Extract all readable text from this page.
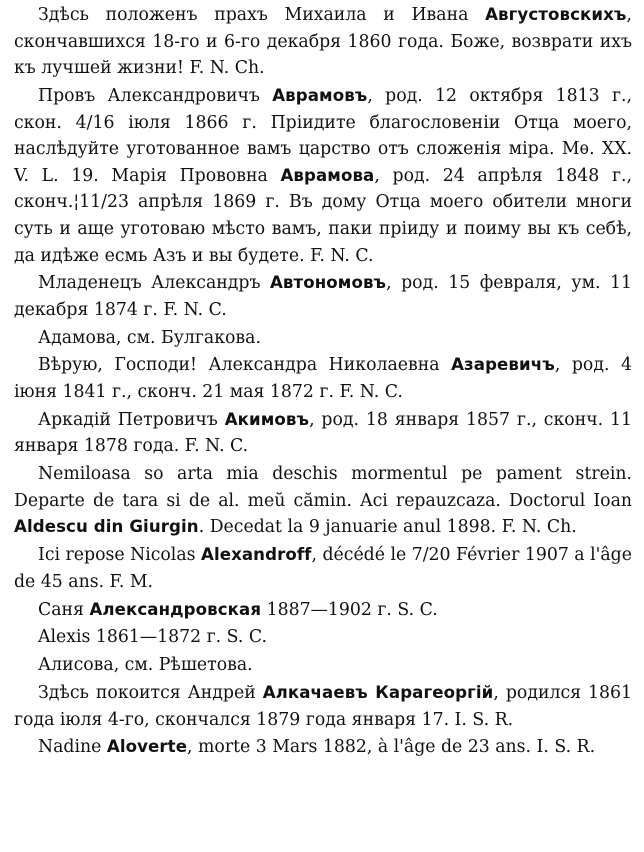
Здѣсь положенъ прахъ Михаила и Ивана Августовскихъ, скончавшихся 18-го и 6-го декабря 1860 года. Боже, возврати ихъ къ лучшей жизни! F. N. Ch.

Провъ Александровичъ Аврамовъ, род. 12 октября 1813 г., скон. 4/16 іюля 1866 г. Пріидите благословеніи Отца моего, наслѣдуйте уготованное вамъ царство отъ сложенія міра. Мѳ. XX. V. L. 19. Марія Прововна Аврамова, род. 24 апрѣля 1848 г., сконч.¦11/23 апрѣля 1869 г. Въ дому Отца моего обители многи суть и аще уготоваю мѣсто вамъ, паки пріиду и поиму вы къ себѣ, да идѣже есмь Азъ и вы будете. F. N. C.

Младенецъ Александръ Автономовъ, род. 15 февраля, ум. 11 декабря 1874 г. F. N. C.

Адамова, см. Булгакова.

Вѣрую, Господи! Александра Николаевна Азаревичъ, род. 4 іюня 1841 г., сконч. 21 мая 1872 г. F. N. C.

Аркадій Петровичъ Акимовъ, род. 18 января 1857 г., сконч. 11 января 1878 года. F. N. C.

Nemiloasa so arta mia deschis mormentul pe pament strein. Departe de tara si de al. meŭ cămin. Aci repauzcaza. Doctorul Ioan Aldescu din Giurgin. Decedat la 9 januarie anul 1898. F. N. Ch.

Ici repose Nicolas Alexandroff, décédé le 7/20 Février 1907 a l'âge de 45 ans. F. M.

Саня Александровская 1887—1902 г. S. C.

Alexis 1861—1872 г. S. C.

Алисова, см. Рѣшетова.

Здѣсь покоится Андрей Алкачаевъ Карагеоргій, родился 1861 года іюля 4-го, скончался 1879 года января 17. I. S. R.

Nadine Aloverte, morte 3 Mars 1882, à l'âge de 23 ans. I. S. R.
